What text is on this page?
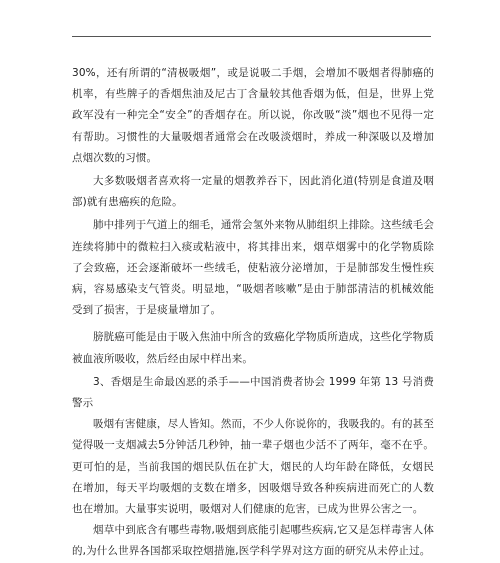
30%，还有所谓的“清极吸烟”，或是说吸二手烟，会增加不吸烟者得肺癌的机率，有些牌子的香烟焦油及尼古丁含量较其他香烟为低，但是，世界上党政军没有一种完全“安全”的香烟存在。所以说，你改吸“淡”烟也不见得一定有帮助。习惯性的大量吸烟者通常会在改吸淡烟时，养成一种深吸以及增加点烟次数的习惯。

大多数吸烟者喜欢将一定量的烟教养吞下，因此消化道(特别是食道及咽部)就有患癌疾的危险。

肺中排列于气道上的细毛，通常会氢外来物从肺组织上排除。这些绒毛会连续将肺中的微粒扫入痰或粘液中，将其排出来，烟草烟雾中的化学物质除了会致癌，还会逐渐破坏一些绒毛，使粘液分泌增加，于是肺部发生慢性疾病，容易感染支气管炎。明显地，“吸烟者咳嗽”是由于肺部清洁的机械效能受到了损害，于是痰量增加了。

膀胱癌可能是由于吸入焦油中所含的致癌化学物质所造成，这些化学物质被血液所吸收，然后经由尿中样出来。

3、香烟是生命最凶恶的杀手——中国消费者协会 1999 年第 13 号消费警示

吸烟有害健康，尽人皆知。然而，不少人你说你的，我吸我的。有的甚至觉得吸一支烟减去5分钟活几秒钟，抽一辈子烟也少活不了两年，毫不在乎。更可怕的是，当前我国的烟民队伍在扩大，烟民的人均年龄在降低，女烟民在增加，每天平均吸烟的支数在增多，因吸烟导致各种疾病进而死亡的人数也在增加。大量事实说明，吸烟对人们健康的危害，已成为世界公害之一。

烟草中到底含有哪些毒物,吸烟到底能引起哪些疾病,它又是怎样毒害人体的,为什么世界各国都采取控烟措施,医学科学界对这方面的研究从未停止过。
